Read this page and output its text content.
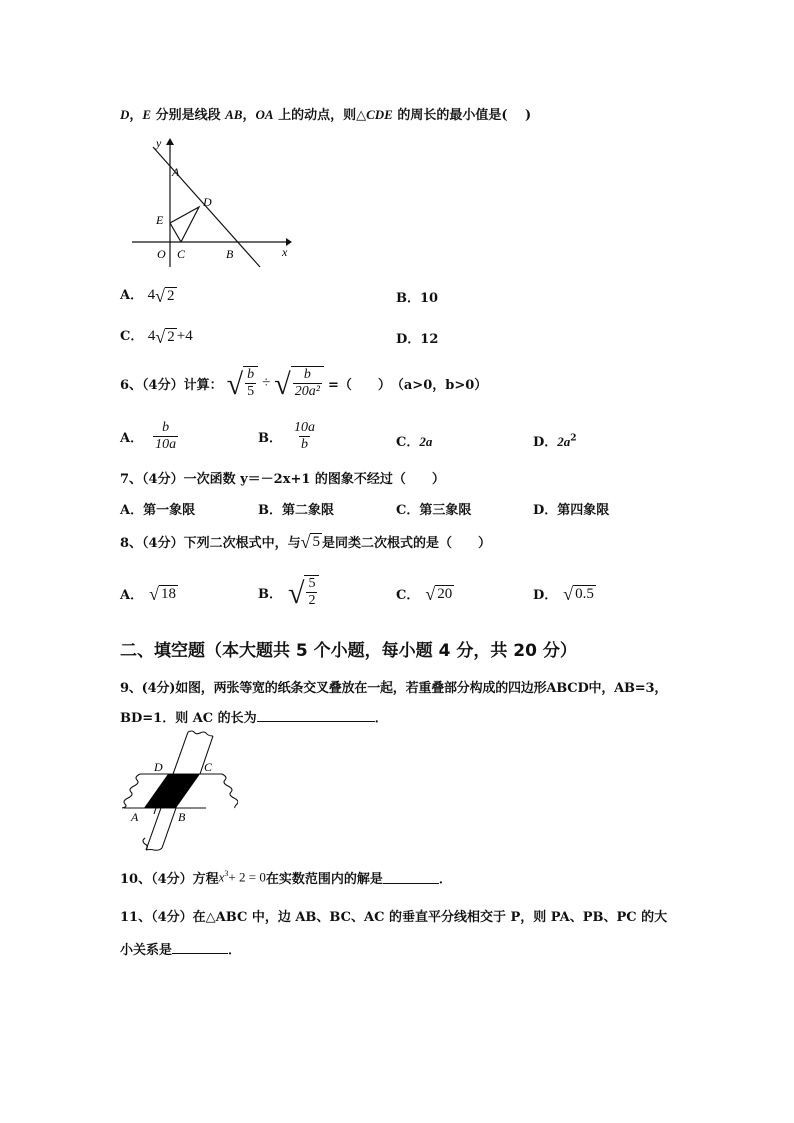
D，E 分别是线段 AB，OA 上的动点，则△CDE 的周长的最小值是(　 )
y
A
D
E
O C	B	x
A． 4 √ 2	B．10
C． 4 √ 2 +4	D．12
6、（4分）计算： √ $\frac{b}{5}$ ÷ √ $\frac{b}{\text{20a²}}$ =（　　） （a>0，b>0）
A． $\frac{b}{10a}$	B． $\frac{10a}{b}$	C．2a	D．$2a^2$
7、（4分）一次函数 y＝－2x+1 的图象不经过（　　）
A．第一象限	B．第二象限	C．第三象限	D．第四象限
8、（4分）下列二次根式中，与 √ 5 是同类二次根式的是（　　）
A． √ 18	B． √ $\frac{5}{2}$	C． √ 20	D． √ 0.5
二、填空题（本大题共 5 个小题，每小题 4 分，共 20 分）
9、(4分)如图，两张等宽的纸条交叉叠放在一起，若重叠部分构成的四边形ABCD中，AB=3，
BD=1．则 AC 的长为	．
D	C
A	B
10、（4分）方程 $x^3+ 2 = 0$ 在实数范围内的解是	．
11、（4分）在△ABC 中，边 AB、BC、AC 的垂直平分线相交于 P，则 PA、PB、PC 的大
小关系是	．
